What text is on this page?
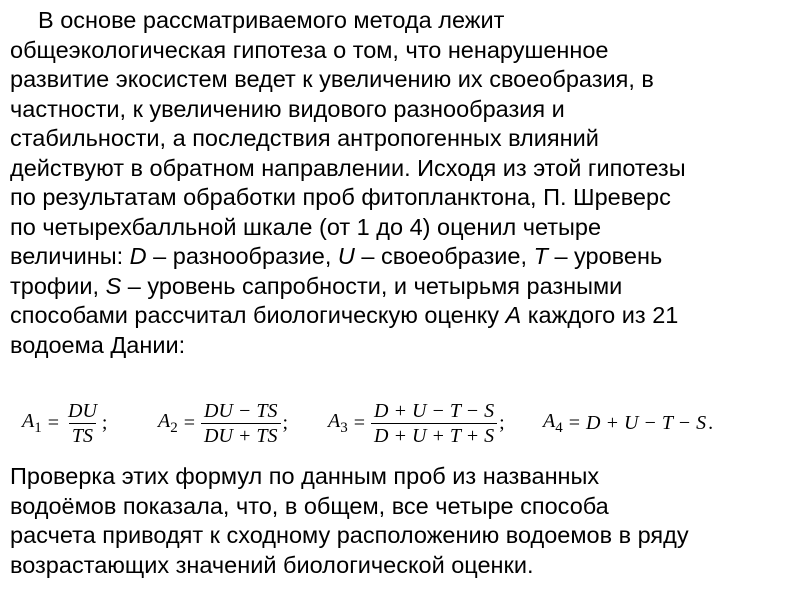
В основе рассматриваемого метода лежит
общеэкологическая гипотеза о том, что ненарушенное
развитие экосистем ведет к увеличению их своеобразия, в
частности, к увеличению видового разнообразия и
стабильности, а последствия антропогенных влияний
действуют в обратном направлении. Исходя из этой гипотезы
по результатам обработки проб фитопланктона, П. Шреверс
по четырехбалльной шкале (от 1 до 4) оценил четыре
величины: D – разнообразие, U – своеобразие, T – уровень
трофии, S – уровень сапробности, и четырьмя разными
способами рассчитал биологическую оценку A каждого из 21
водоема Дании:
$A_1 = \frac{DU}{TS}$ ;	$A_2 = \frac{DU - TS}{DU + TS}$ ; $A_3 = \frac{D + U - T - S}{D + U + T + S}$ ; $A_4 = D + U - T - S$ .
Проверка этих формул по данным проб из названных
водоёмов показала, что, в общем, все четыре способа
расчета приводят к сходному расположению водоемов в ряду
возрастающих значений биологической оценки.
